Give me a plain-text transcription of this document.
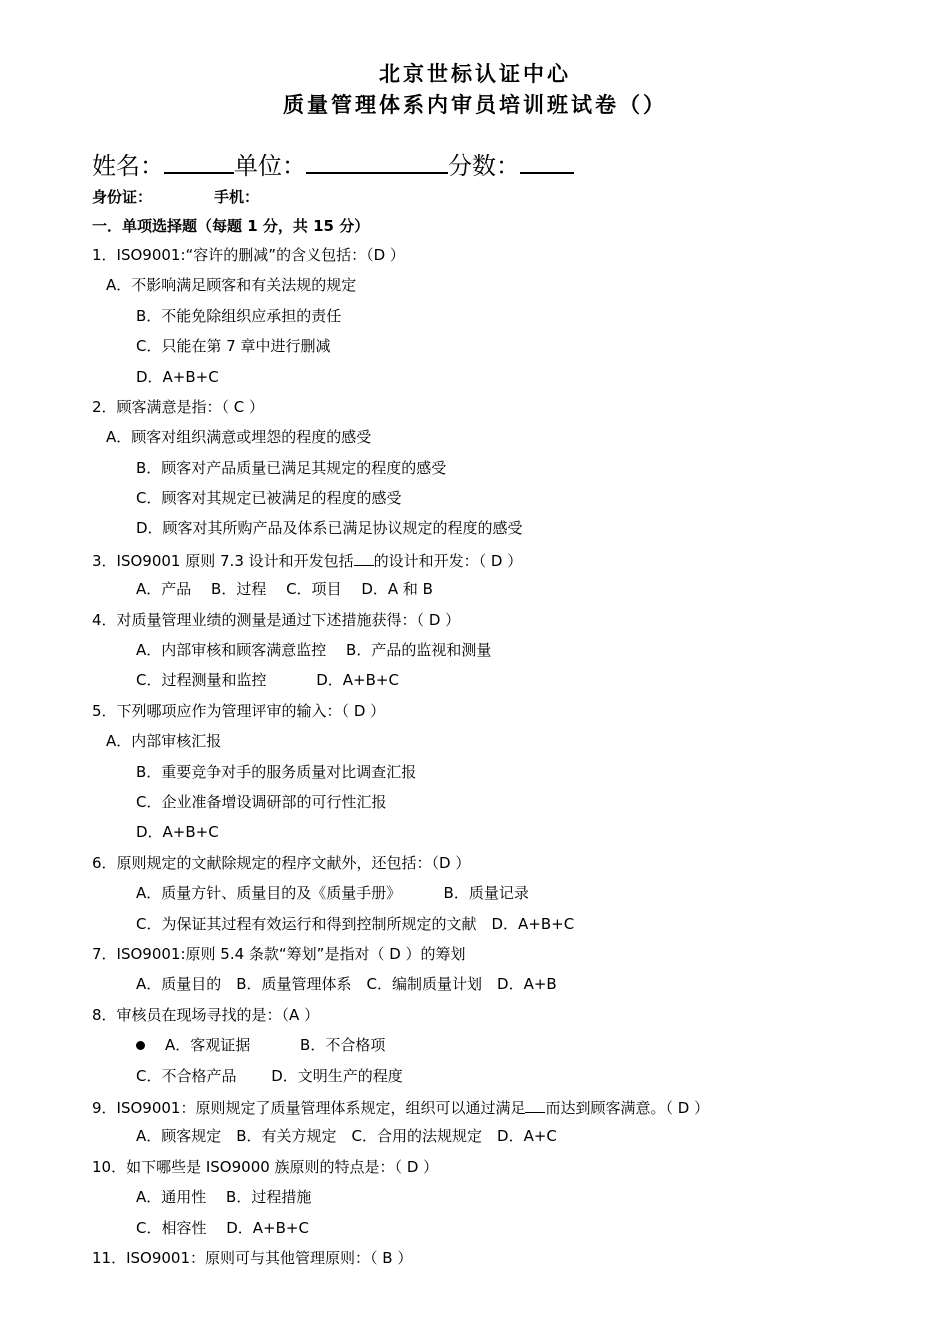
北京世标认证中心
质量管理体系内审员培训班试卷（）
姓名：	单位：	分数：
身份证：	手机：
一．单项选择题（每题 1 分，共 15 分）
1．ISO9001:“容许的删减”的含义包括：（D ）
A．不影响满足顾客和有关法规的规定
B．不能免除组织应承担的责任
C．只能在第 7 章中进行删减
D．A+B+C
2．顾客满意是指：（ C ）
A．顾客对组织满意或埋怨的程度的感受
B．顾客对产品质量已满足其规定的程度的感受
C．顾客对其规定已被满足的程度的感受
D．顾客对其所购产品及体系已满足协议规定的程度的感受
3．ISO9001 原则 7.3 设计和开发包括 的设计和开发：（ D ）
A．产品　 B．过程　 C．项目　 D．A 和 B
4．对质量管理业绩的测量是通过下述措施获得：（ D ）
A．内部审核和顾客满意监控　 B．产品的监视和测量
C．过程测量和监控　　　 D．A+B+C
5．下列哪项应作为管理评审的输入：（ D ）
A．内部审核汇报
B．重要竞争对手的服务质量对比调查汇报
C．企业准备增设调研部的可行性汇报
D．A+B+C
6．原则规定的文献除规定的程序文献外，还包括：（D ）
A．质量方针、质量目的及《质量手册》　　　 B．质量记录
C．为保证其过程有效运行和得到控制所规定的文献　D．A+B+C
7．ISO9001:原则 5.4 条款“筹划”是指对（ D ）的筹划
A．质量目的　B．质量管理体系　C．编制质量计划　D．A+B
8．审核员在现场寻找的是：（A ）
A．客观证据　　　 B．不合格项
C．不合格产品　　 D．文明生产的程度
9．ISO9001：原则规定了质量管理体系规定，组织可以通过满足 而达到顾客满意。（ D ）
A．顾客规定　B．有关方规定　C．合用的法规规定　D．A+C
10．如下哪些是 ISO9000 族原则的特点是：（ D ）
A．通用性　 B．过程措施
C．相容性　 D．A+B+C
11．ISO9001：原则可与其他管理原则：（ B ）
